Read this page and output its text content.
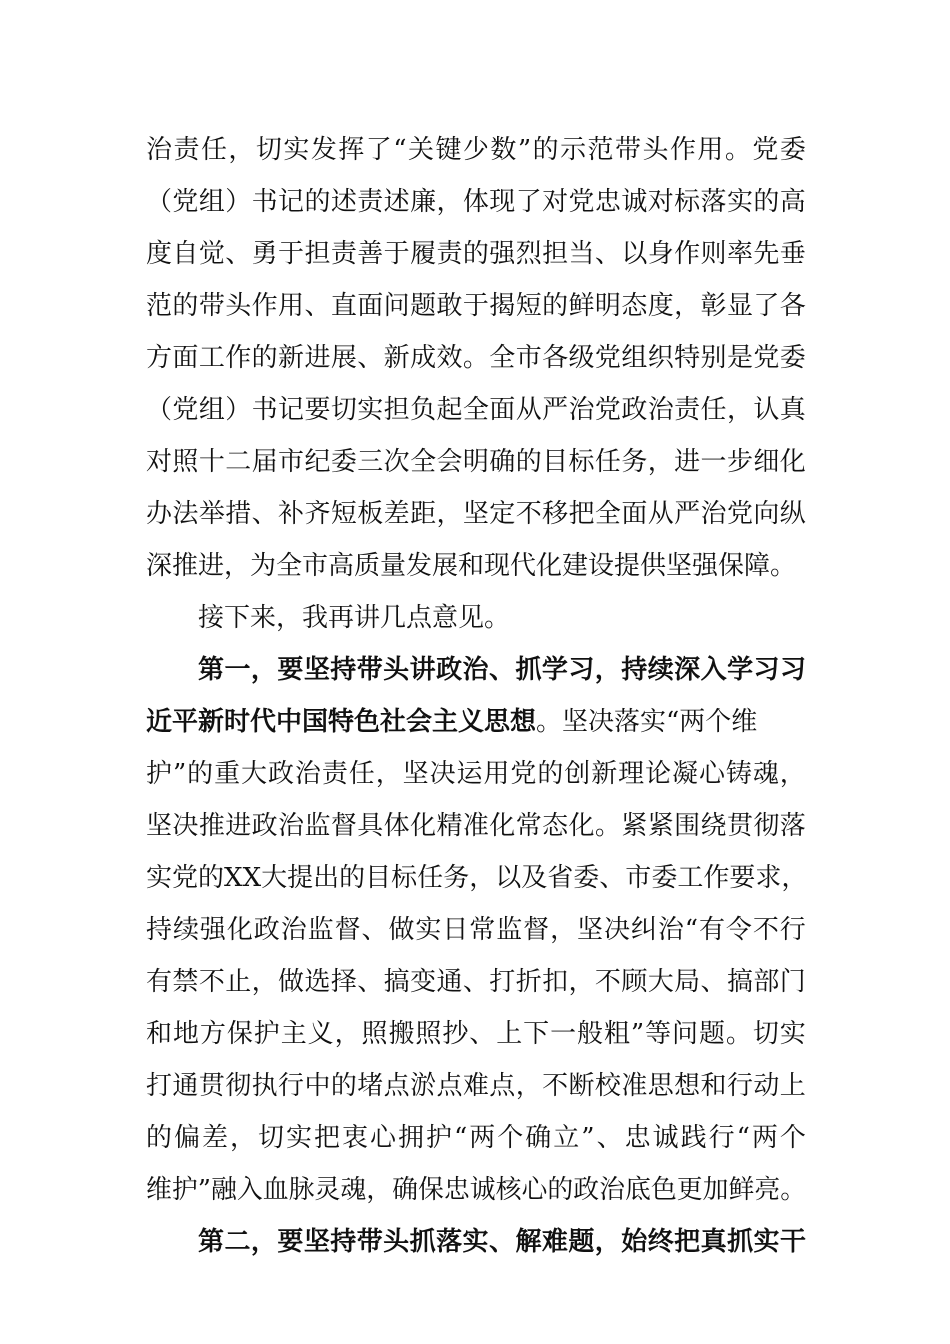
治 责 任 ， 切 实 发 挥 了 “ 关 键 少 数 ” 的 示 范 带 头 作 用 。 党 委
（ 党 组 ） 书 记 的 述 责 述 廉 ， 体 现 了 对 党 忠 诚 对 标 落 实 的 高
度 自 觉 、 勇 于 担 责 善 于 履 责 的 强 烈 担 当 、 以 身 作 则 率 先 垂
范 的 带 头 作 用 、 直 面 问 题 敢 于 揭 短 的 鲜 明 态 度 ， 彰 显 了 各
方 面 工 作 的 新 进 展 、 新 成 效 。 全 市 各 级 党 组 织 特 别 是 党 委
（ 党 组 ） 书 记 要 切 实 担 负 起 全 面 从 严 治 党 政 治 责 任 ， 认 真
对 照 十 二 届 市 纪 委 三 次 全 会 明 确 的 目 标 任 务 ， 进 一 步 细 化
办 法 举 措 、 补 齐 短 板 差 距 ， 坚 定 不 移 把 全 面 从 严 治 党 向 纵
深推进，为全市高质量发展和现代化建设提供坚强保障。
接下来，我再讲几点意见。
第 一 ， 要 坚 持 带 头 讲 政 治 、 抓 学 习 ， 持 续 深 入 学 习 习
近平新时代中国特色社会主义思想 。坚决落实“两个维
护 ” 的 重 大 政 治 责 任 ， 坚 决 运 用 党 的 创 新 理 论 凝 心 铸 魂 ，
坚 决 推 进 政 治 监 督 具 体 化 精 准 化 常 态 化 。 紧 紧 围 绕 贯 彻 落
实 党 的 X X 大 提 出 的 目 标 任 务 ， 以 及 省 委 、 市 委 工 作 要 求 ，
持 续 强 化 政 治 监 督 、 做 实 日 常 监 督 ， 坚 决 纠 治 “ 有 令 不 行
有 禁 不 止 ， 做 选 择 、 搞 变 通 、 打 折 扣 ， 不 顾 大 局 、 搞 部 门
和 地 方 保 护 主 义 ， 照 搬 照 抄 、 上 下 一 般 粗 ” 等 问 题 。 切 实
打 通 贯 彻 执 行 中 的 堵 点 淤 点 难 点 ， 不 断 校 准 思 想 和 行 动 上
的 偏 差 ， 切 实 把 衷 心 拥 护 “ 两 个 确 立 ” 、 忠 诚 践 行 “ 两 个
维护”融入血脉灵魂，确保忠诚核心的政治底色更加鲜亮。
第 二 ， 要 坚 持 带 头 抓 落 实 、 解 难 题 ， 始 终 把 真 抓 实 干
